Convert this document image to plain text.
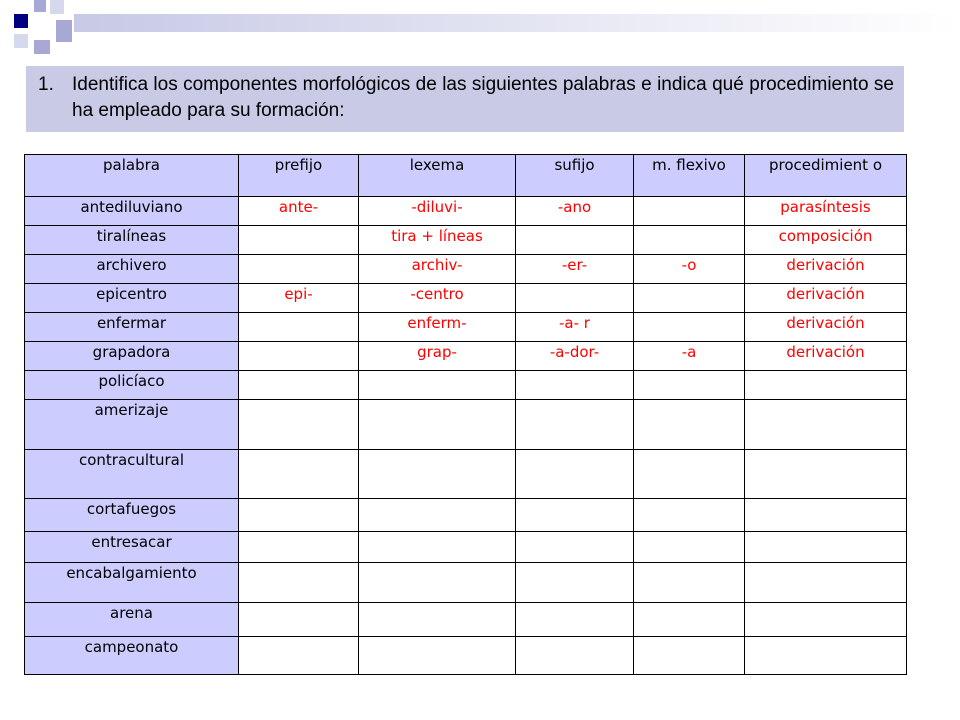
1. Identifica los componentes morfológicos de las siguientes palabras e indica qué procedimiento se ha empleado para su formación:
palabra	prefijo	lexema	sufijo	m. flexivo	procedimient o
antediluviano	ante-	-diluvi-	-ano		parasíntesis
tiralíneas		tira + líneas			composición
archivero		archiv-	-er-	-o	derivación
epicentro	epi-	-centro			derivación
enfermar		enferm-	-a- r		derivación
grapadora		grap-	-a-dor-	-a	derivación
policíaco					
amerizaje					
contracultural					
cortafuegos					
entresacar					
encabalgamiento					
arena					
campeonato					
